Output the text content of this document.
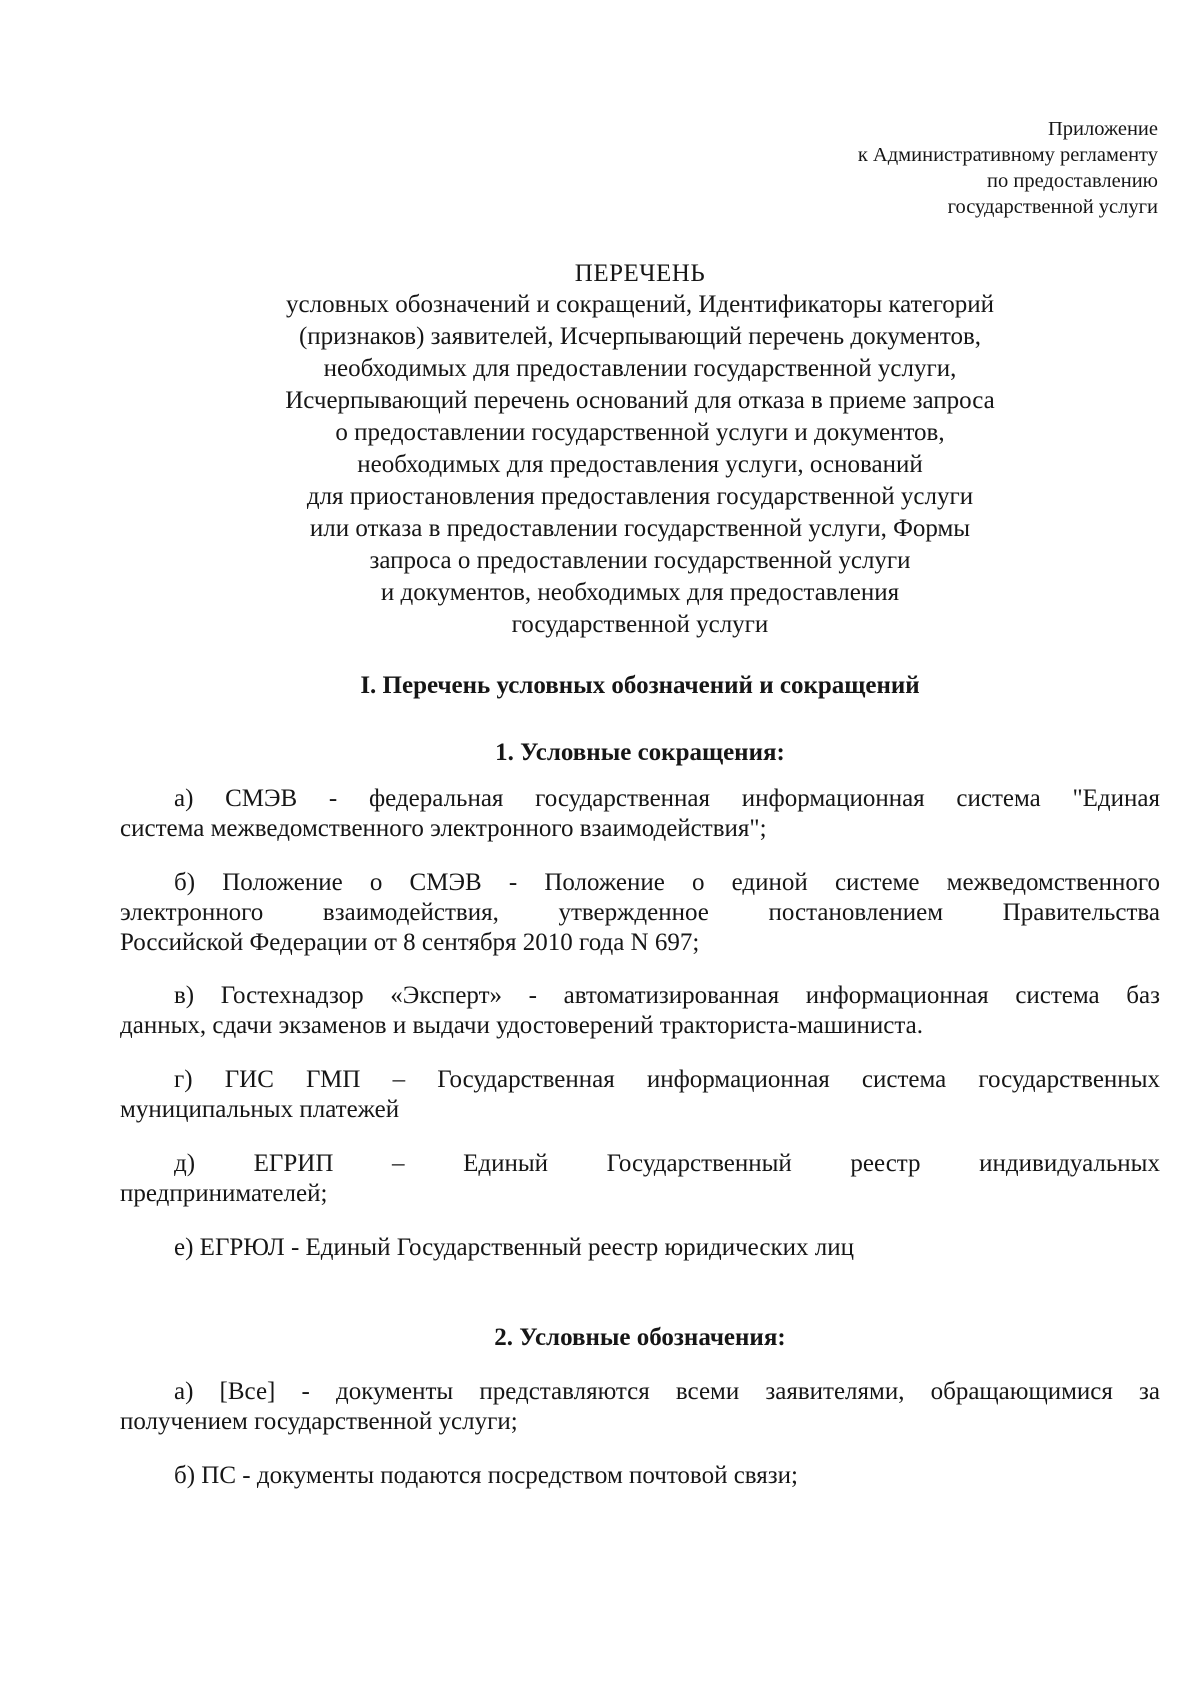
Приложение
к Административному регламенту
по предоставлению
государственной услуги
ПЕРЕЧЕНЬ
условных обозначений и сокращений, Идентификаторы категорий
(признаков) заявителей, Исчерпывающий перечень документов,
необходимых для предоставлении государственной услуги,
Исчерпывающий перечень оснований для отказа в приеме запроса
о предоставлении государственной услуги и документов,
необходимых для предоставления услуги, оснований
для приостановления предоставления государственной услуги
или отказа в предоставлении государственной услуги, Формы
запроса о предоставлении государственной услуги
и документов, необходимых для предоставления
государственной услуги
I. Перечень условных обозначений и сокращений
1. Условные сокращения:
а) СМЭВ - федеральная государственная информационная система "Единая
система межведомственного электронного взаимодействия";
б) Положение о СМЭВ - Положение о единой системе межведомственного
электронного взаимодействия, утвержденное постановлением Правительства
Российской Федерации от 8 сентября 2010 года N 697;
в) Гостехнадзор «Эксперт» - автоматизированная информационная система баз
данных, сдачи экзаменов и выдачи удостоверений тракториста-машиниста.
г) ГИС ГМП – Государственная информационная система государственных
муниципальных платежей
д) ЕГРИП – Единый Государственный реестр индивидуальных
предпринимателей;
е) ЕГРЮЛ - Единый Государственный реестр юридических лиц
2. Условные обозначения:
а) [Все] - документы представляются всеми заявителями, обращающимися за
получением государственной услуги;
б) ПС - документы подаются посредством почтовой связи;
